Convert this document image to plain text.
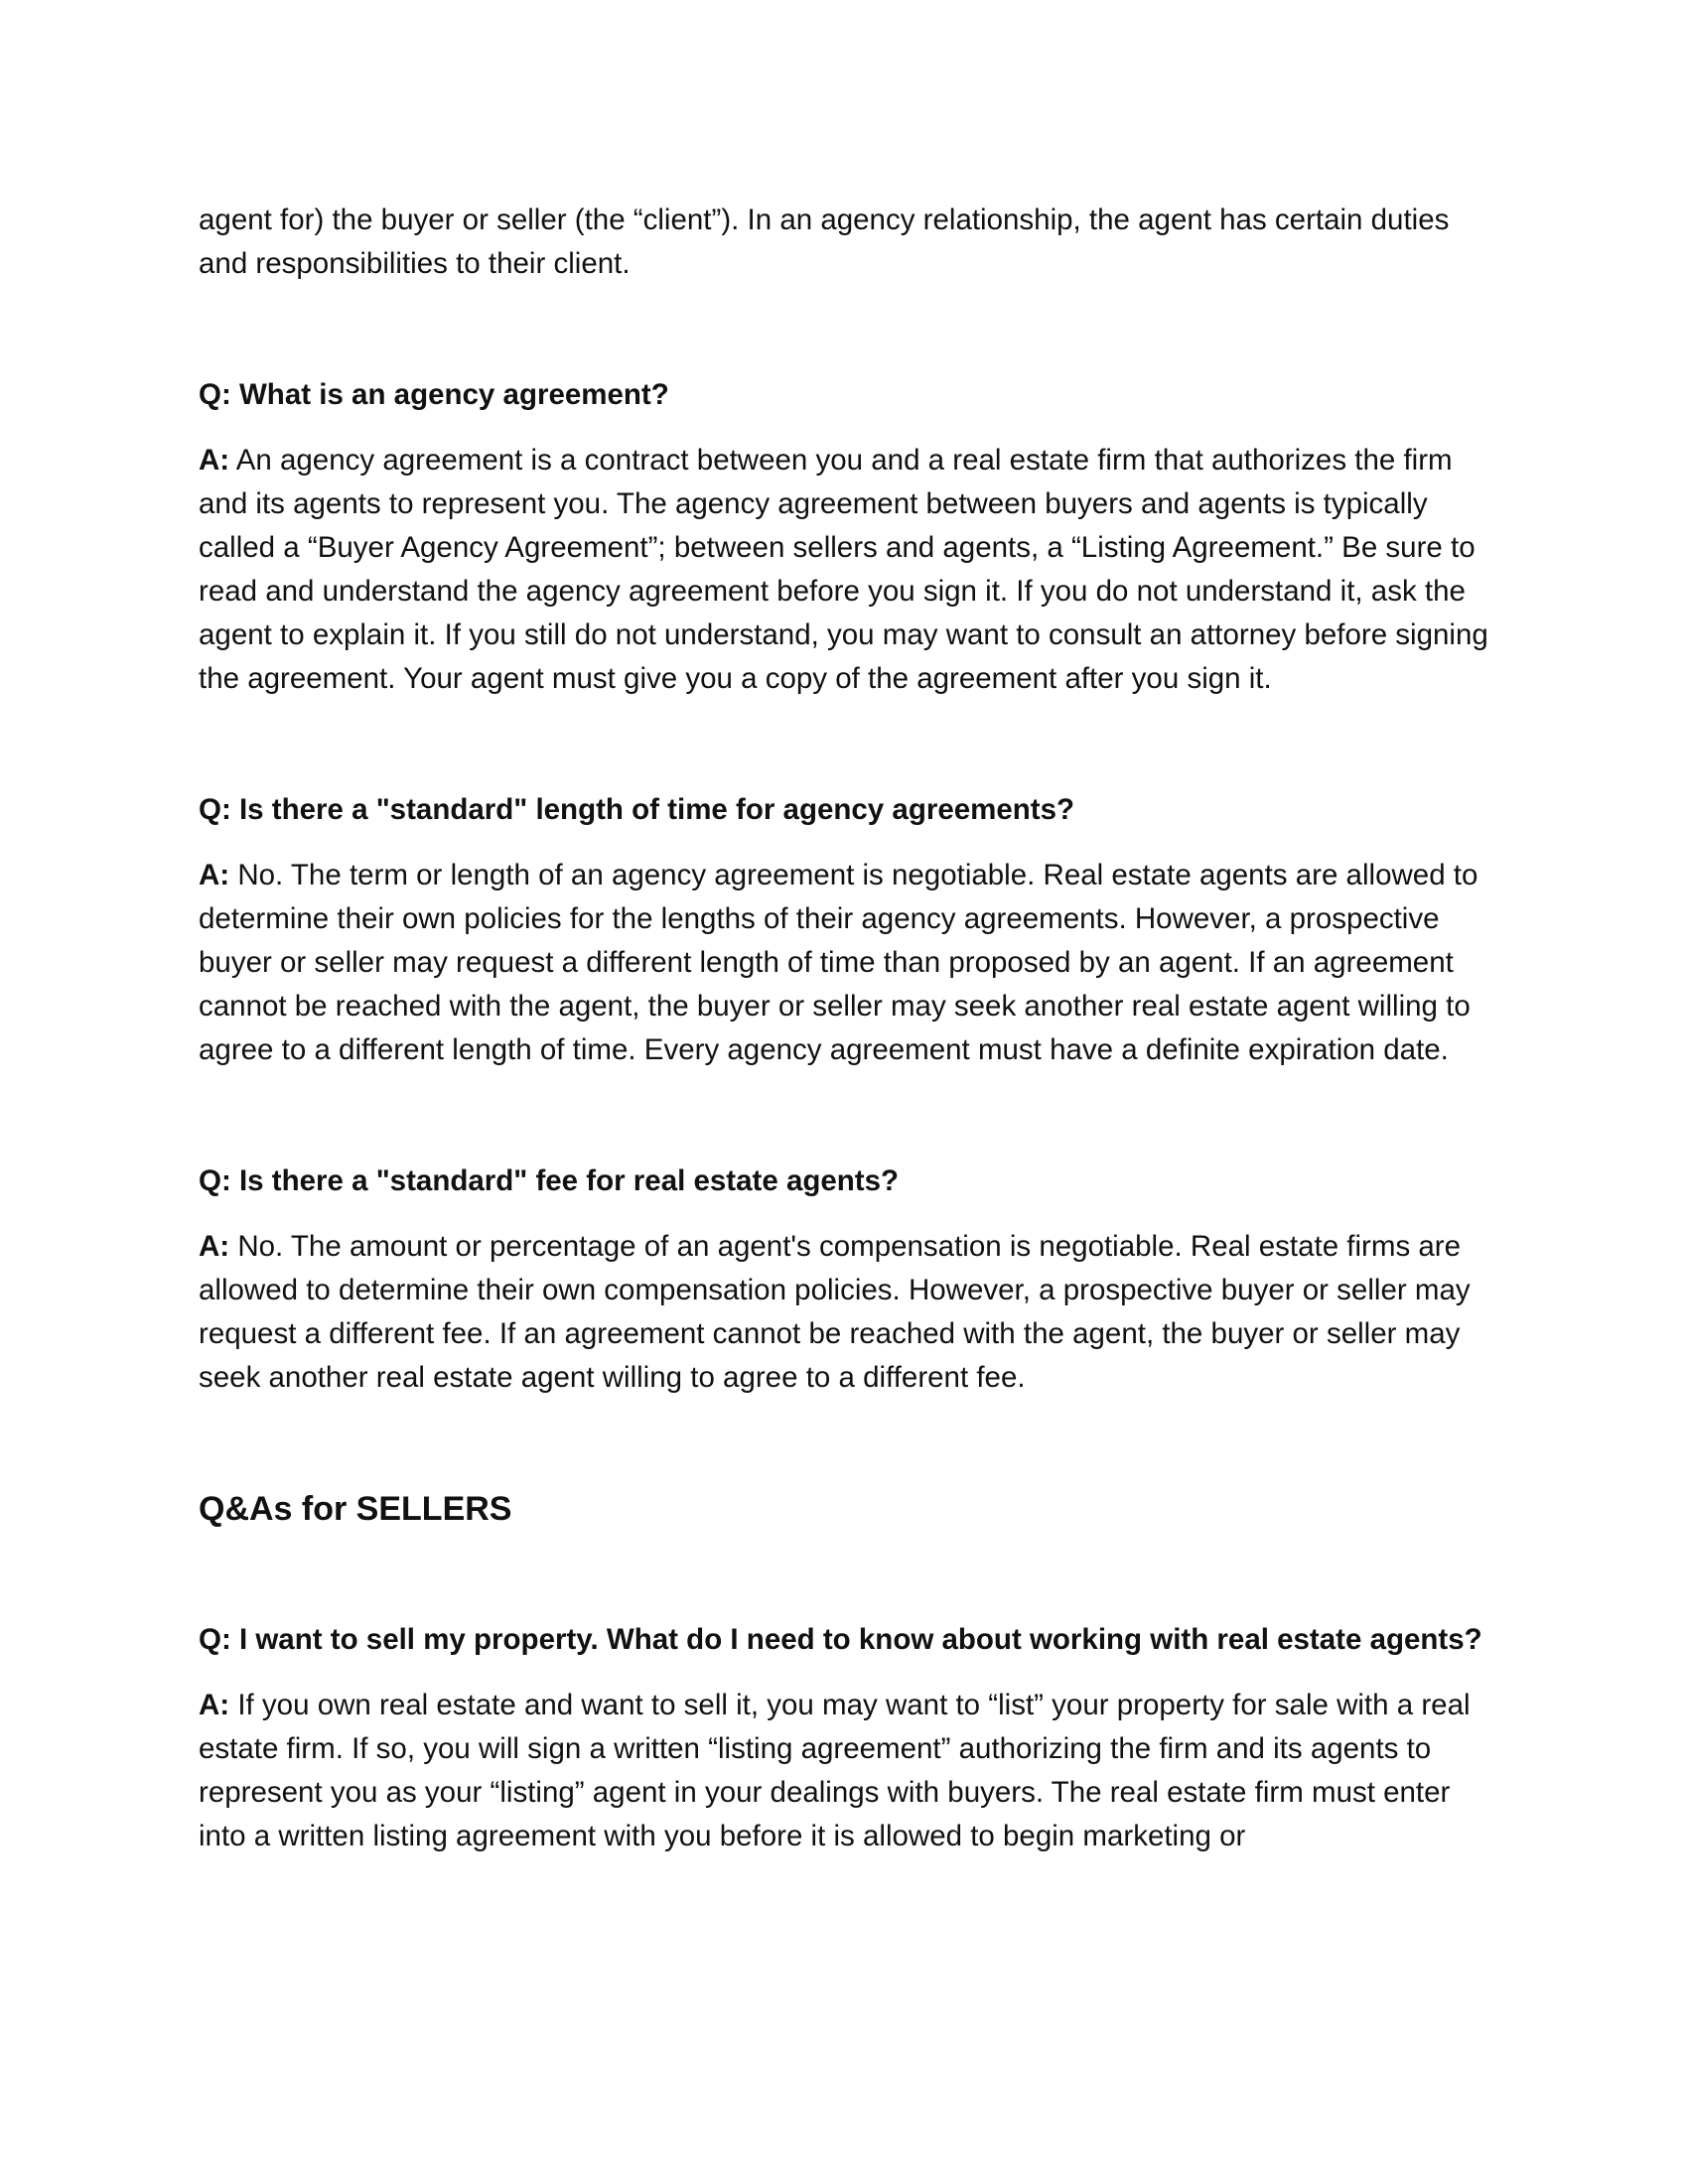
agent for) the buyer or seller (the “client”). In an agency relationship, the agent has certain duties and responsibilities to their client.

Q: What is an agency agreement?

A: An agency agreement is a contract between you and a real estate firm that authorizes the firm and its agents to represent you. The agency agreement between buyers and agents is typically called a “Buyer Agency Agreement”; between sellers and agents, a “Listing Agreement.” Be sure to read and understand the agency agreement before you sign it. If you do not understand it, ask the agent to explain it. If you still do not understand, you may want to consult an attorney before signing the agreement. Your agent must give you a copy of the agreement after you sign it.

Q: Is there a "standard" length of time for agency agreements?

A: No. The term or length of an agency agreement is negotiable. Real estate agents are allowed to determine their own policies for the lengths of their agency agreements. However, a prospective buyer or seller may request a different length of time than proposed by an agent. If an agreement cannot be reached with the agent, the buyer or seller may seek another real estate agent willing to agree to a different length of time. Every agency agreement must have a definite expiration date.

Q: Is there a "standard" fee for real estate agents?

A: No. The amount or percentage of an agent's compensation is negotiable. Real estate firms are allowed to determine their own compensation policies. However, a prospective buyer or seller may request a different fee. If an agreement cannot be reached with the agent, the buyer or seller may seek another real estate agent willing to agree to a different fee.

Q&As for SELLERS

Q: I want to sell my property. What do I need to know about working with real estate agents?

A: If you own real estate and want to sell it, you may want to “list” your property for sale with a real estate firm. If so, you will sign a written “listing agreement” authorizing the firm and its agents to represent you as your “listing” agent in your dealings with buyers. The real estate firm must enter into a written listing agreement with you before it is allowed to begin marketing or
